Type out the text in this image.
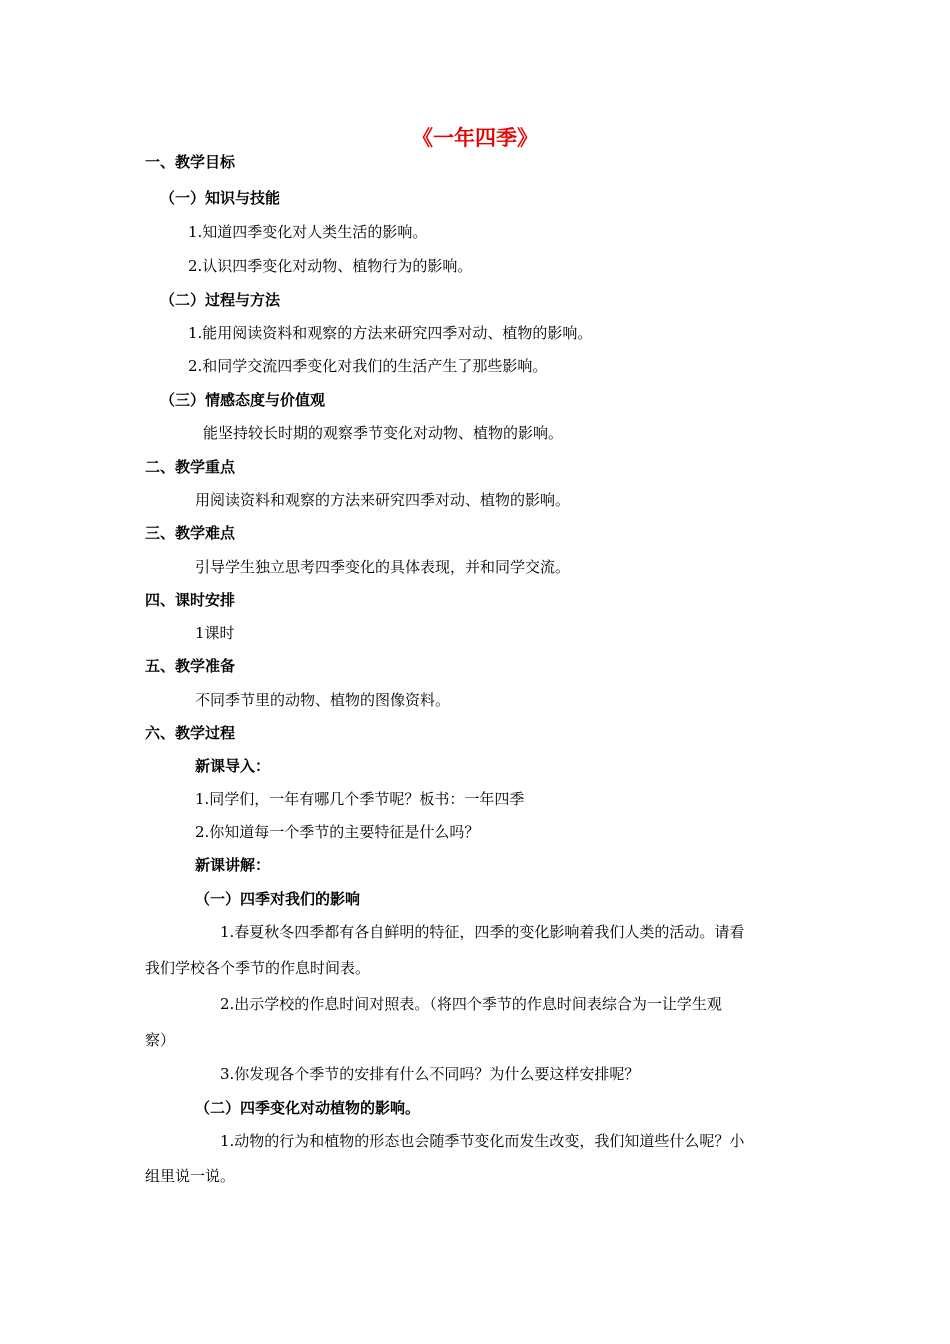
《一年四季》
一、教学目标
（一）知识与技能
1.知道四季变化对人类生活的影响。
2.认识四季变化对动物、植物行为的影响。
（二）过程与方法
1.能用阅读资料和观察的方法来研究四季对动、植物的影响。
2.和同学交流四季变化对我们的生活产生了那些影响。
（三）情感态度与价值观
能坚持较长时期的观察季节变化对动物、植物的影响。
二、教学重点
用阅读资料和观察的方法来研究四季对动、植物的影响。
三、教学难点
引导学生独立思考四季变化的具体表现，并和同学交流。
四、课时安排
1课时
五、教学准备
不同季节里的动物、植物的图像资料。
六、教学过程
新课导入：
1.同学们，一年有哪几个季节呢？板书：一年四季
2.你知道每一个季节的主要特征是什么吗？
新课讲解：
（一）四季对我们的影响
1.春夏秋冬四季都有各自鲜明的特征，四季的变化影响着我们人类的活动。请看
我们学校各个季节的作息时间表。
2.出示学校的作息时间对照表。（将四个季节的作息时间表综合为一让学生观
察）
3.你发现各个季节的安排有什么不同吗？为什么要这样安排呢？
（二）四季变化对动植物的影响。
1.动物的行为和植物的形态也会随季节变化而发生改变，我们知道些什么呢？小
组里说一说。
